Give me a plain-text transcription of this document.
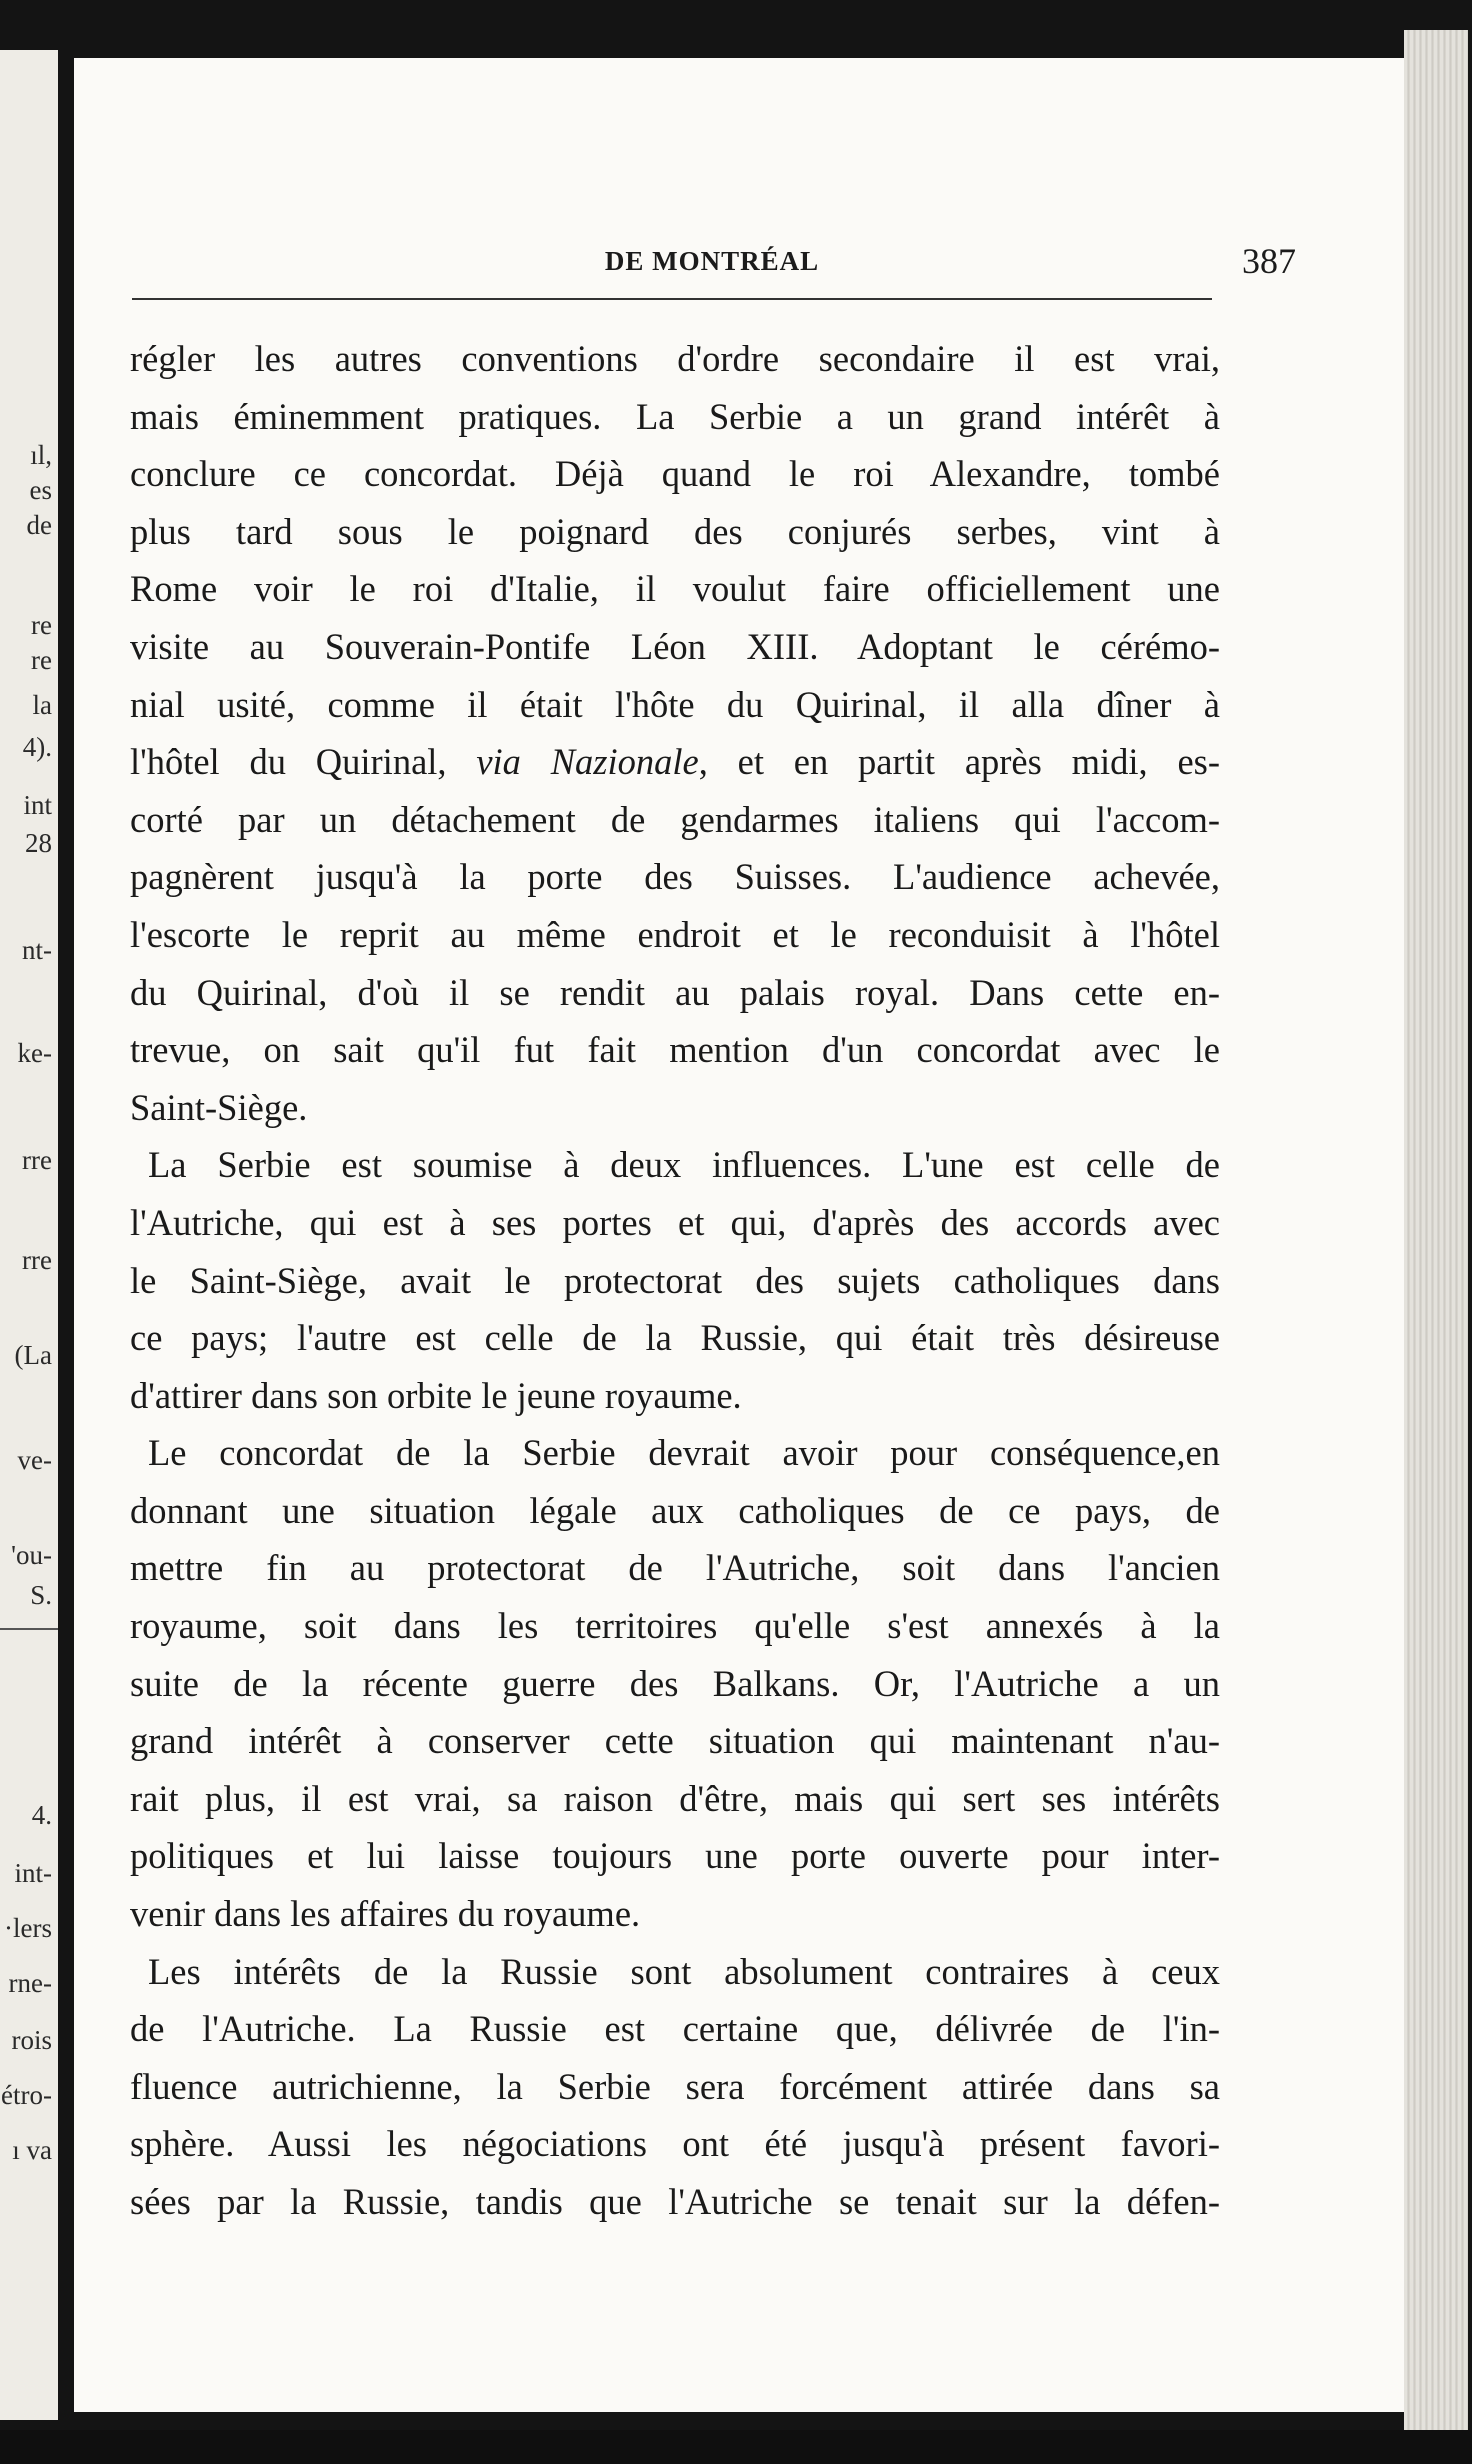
ıl,
es
de
re
re
la
4).
int
28
nt-
ke-
rre
rre
(La
ve-
'ou-
S.
4.
int-
·lers
rne-
rois
étro-
ı va
DE MONTRÉAL	387
régler les autres conventions d'ordre secondaire il est vrai,
mais éminemment pratiques. La Serbie a un grand intérêt à
conclure ce concordat. Déjà quand le roi Alexandre, tombé
plus tard sous le poignard des conjurés serbes, vint à
Rome voir le roi d'Italie, il voulut faire officiellement une
visite au Souverain-Pontife Léon XIII. Adoptant le cérémo-
nial usité, comme il était l'hôte du Quirinal, il alla dîner à
l'hôtel du Quirinal, via Nazionale, et en partit après midi, es-
corté par un détachement de gendarmes italiens qui l'accom-
pagnèrent jusqu'à la porte des Suisses. L'audience achevée,
l'escorte le reprit au même endroit et le reconduisit à l'hôtel
du Quirinal, d'où il se rendit au palais royal. Dans cette en-
trevue, on sait qu'il fut fait mention d'un concordat avec le
Saint-Siège.
La Serbie est soumise à deux influences. L'une est celle de
l'Autriche, qui est à ses portes et qui, d'après des accords avec
le Saint-Siège, avait le protectorat des sujets catholiques dans
ce pays; l'autre est celle de la Russie, qui était très désireuse
d'attirer dans son orbite le jeune royaume.
Le concordat de la Serbie devrait avoir pour conséquence,en
donnant une situation légale aux catholiques de ce pays, de
mettre fin au protectorat de l'Autriche, soit dans l'ancien
royaume, soit dans les territoires qu'elle s'est annexés à la
suite de la récente guerre des Balkans. Or, l'Autriche a un
grand intérêt à conserver cette situation qui maintenant n'au-
rait plus, il est vrai, sa raison d'être, mais qui sert ses intérêts
politiques et lui laisse toujours une porte ouverte pour inter-
venir dans les affaires du royaume.
Les intérêts de la Russie sont absolument contraires à ceux
de l'Autriche. La Russie est certaine que, délivrée de l'in-
fluence autrichienne, la Serbie sera forcément attirée dans sa
sphère. Aussi les négociations ont été jusqu'à présent favori-
sées par la Russie, tandis que l'Autriche se tenait sur la défen-
